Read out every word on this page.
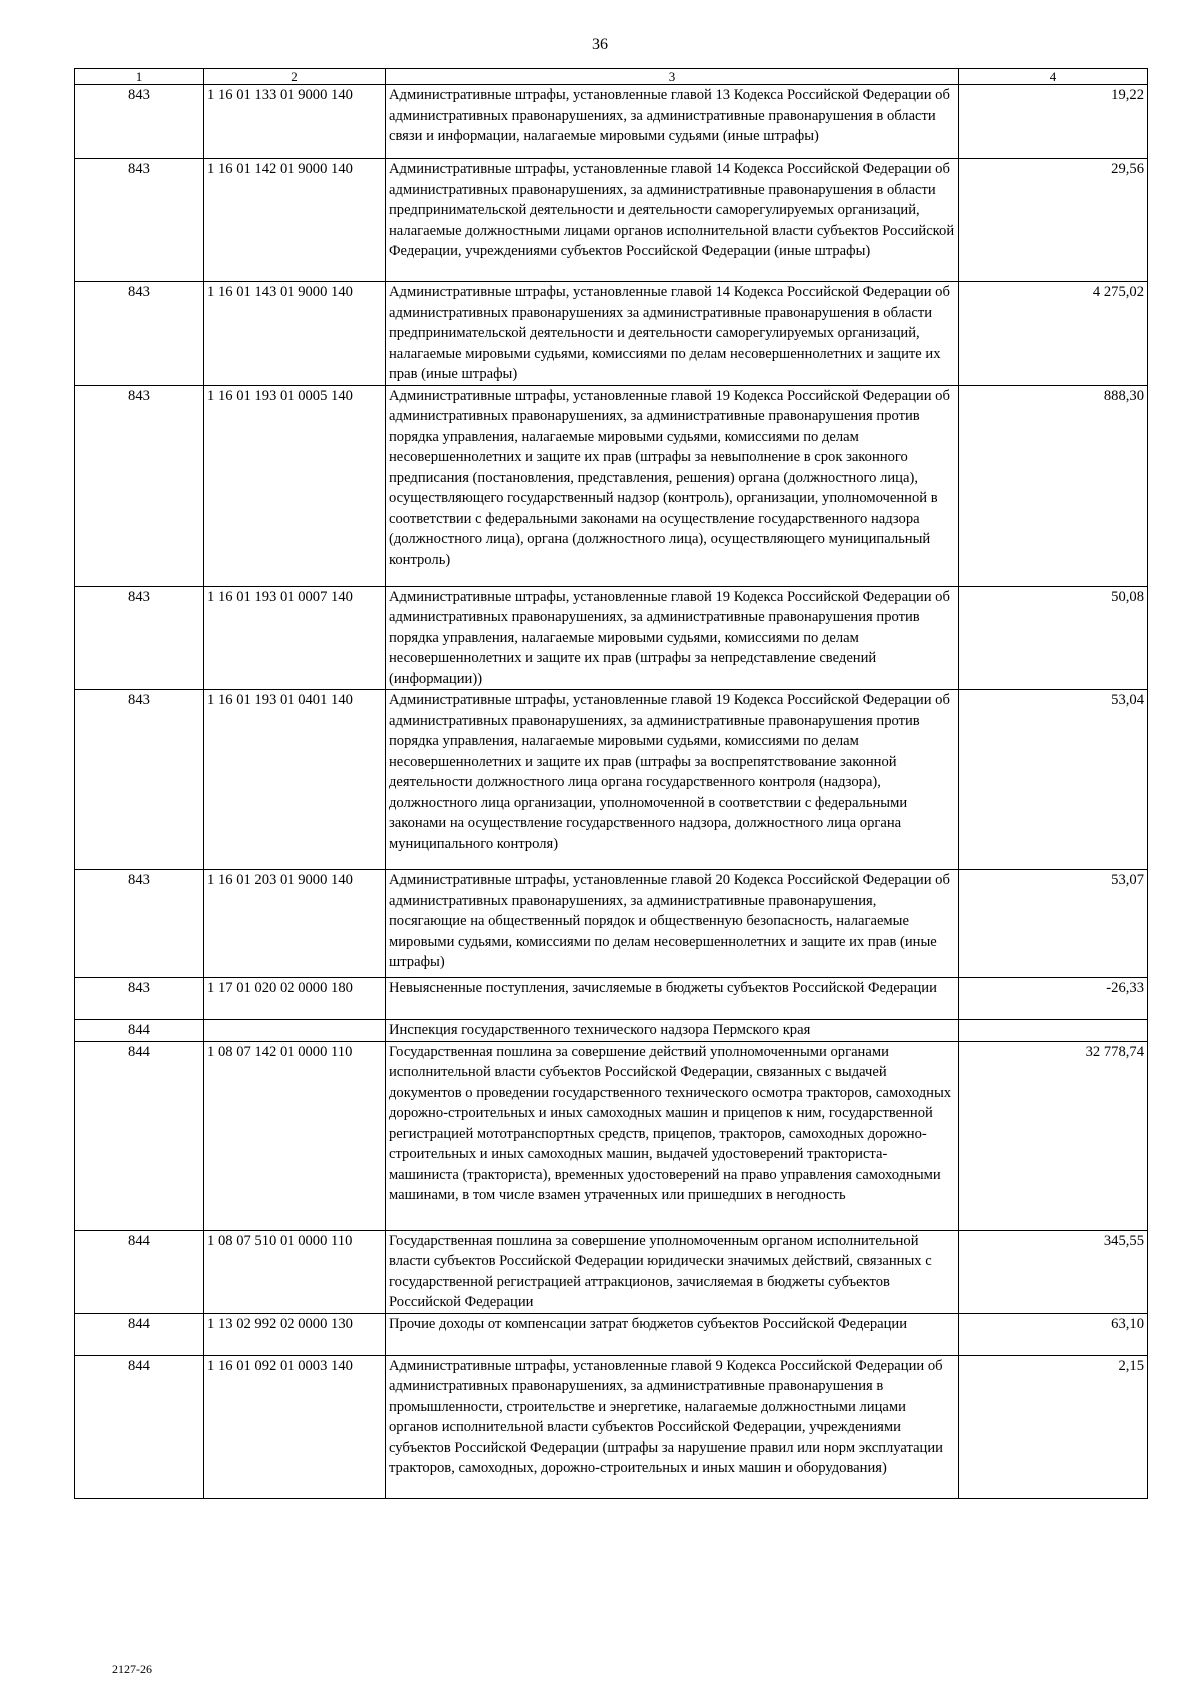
36
1	2	3	4
843	1 16 01 133 01 9000 140	Административные штрафы, установленные главой 13 Кодекса Российской Федерации об административных правонарушениях, за административные правонарушения в области связи и информации, налагаемые мировыми судьями (иные штрафы)	19,22
843	1 16 01 142 01 9000 140	Административные штрафы, установленные главой 14 Кодекса Российской Федерации об административных правонарушениях, за административные правонарушения в области предпринимательской деятельности и деятельности саморегулируемых организаций, налагаемые должностными лицами органов исполнительной власти субъектов Российской Федерации, учреждениями субъектов Российской Федерации (иные штрафы)	29,56
843	1 16 01 143 01 9000 140	Административные штрафы, установленные главой 14 Кодекса Российской Федерации об административных правонарушениях за административные правонарушения в области предпринимательской деятельности и деятельности саморегулируемых организаций, налагаемые мировыми судьями, комиссиями по делам несовершеннолетних и защите их прав (иные штрафы)	4 275,02
843	1 16 01 193 01 0005 140	Административные штрафы, установленные главой 19 Кодекса Российской Федерации об административных правонарушениях, за административные правонарушения против порядка управления, налагаемые мировыми судьями, комиссиями по делам несовершеннолетних и защите их прав (штрафы за невыполнение в срок законного предписания (постановления, представления, решения) органа (должностного лица), осуществляющего государственный надзор (контроль), организации, уполномоченной в соответствии с федеральными законами на осуществление государственного надзора (должностного лица), органа (должностного лица), осуществляющего муниципальный контроль)	888,30
843	1 16 01 193 01 0007 140	Административные штрафы, установленные главой 19 Кодекса Российской Федерации об административных правонарушениях, за административные правонарушения против порядка управления, налагаемые мировыми судьями, комиссиями по делам несовершеннолетних и защите их прав (штрафы за непредставление сведений (информации))	50,08
843	1 16 01 193 01 0401 140	Административные штрафы, установленные главой 19 Кодекса Российской Федерации об административных правонарушениях, за административные правонарушения против порядка управления, налагаемые мировыми судьями, комиссиями по делам несовершеннолетних и защите их прав (штрафы за воспрепятствование законной деятельности должностного лица органа государственного контроля (надзора), должностного лица организации, уполномоченной в соответствии с федеральными законами на осуществление государственного надзора, должностного лица органа муниципального контроля)	53,04
843	1 16 01 203 01 9000 140	Административные штрафы, установленные главой 20 Кодекса Российской Федерации об административных правонарушениях, за административные правонарушения, посягающие на общественный порядок и общественную безопасность, налагаемые мировыми судьями, комиссиями по делам несовершеннолетних и защите их прав (иные штрафы)	53,07
843	1 17 01 020 02 0000 180	Невыясненные поступления, зачисляемые в бюджеты субъектов Российской Федерации	-26,33
844		Инспекция государственного технического надзора Пермского края	
844	1 08 07 142 01 0000 110	Государственная пошлина за совершение действий уполномоченными органами исполнительной власти субъектов Российской Федерации, связанных с выдачей документов о проведении государственного технического осмотра тракторов, самоходных дорожно-строительных и иных самоходных машин и прицепов к ним, государственной регистрацией мототранспортных средств, прицепов, тракторов, самоходных дорожно-строительных и иных самоходных машин, выдачей удостоверений тракториста-машиниста (тракториста), временных удостоверений на право управления самоходными машинами, в том числе взамен утраченных или пришедших в негодность	32 778,74
844	1 08 07 510 01 0000 110	Государственная пошлина за совершение уполномоченным органом исполнительной власти субъектов Российской Федерации юридически значимых действий, связанных с государственной регистрацией аттракционов, зачисляемая в бюджеты субъектов Российской Федерации	345,55
844	1 13 02 992 02 0000 130	Прочие доходы от компенсации затрат бюджетов субъектов Российской Федерации	63,10
844	1 16 01 092 01 0003 140	Административные штрафы, установленные главой 9 Кодекса Российской Федерации об административных правонарушениях, за административные правонарушения в промышленности, строительстве и энергетике, налагаемые должностными лицами органов исполнительной власти субъектов Российской Федерации, учреждениями субъектов Российской Федерации (штрафы за нарушение правил или норм эксплуатации тракторов, самоходных, дорожно-строительных и иных машин и оборудования)	2,15
2127-26
